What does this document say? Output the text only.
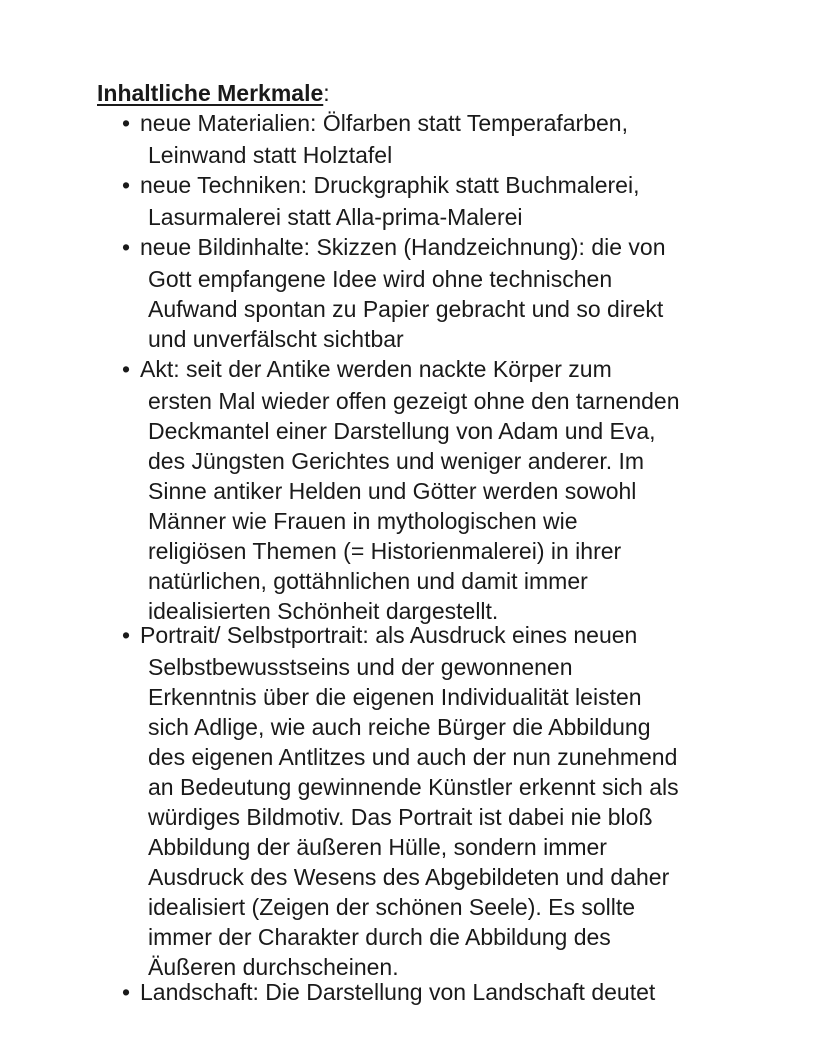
Inhaltliche Merkmale:
• neue Materialien: Ölfarben statt Temperafarben,
Leinwand statt Holztafel
• neue Techniken: Druckgraphik statt Buchmalerei,
Lasurmalerei statt Alla-prima-Malerei
• neue Bildinhalte: Skizzen (Handzeichnung): die von
Gott empfangene Idee wird ohne technischen
Aufwand spontan zu Papier gebracht und so direkt
und unverfälscht sichtbar
• Akt: seit der Antike werden nackte Körper zum
ersten Mal wieder offen gezeigt ohne den tarnenden
Deckmantel einer Darstellung von Adam und Eva,
des Jüngsten Gerichtes und weniger anderer. Im
Sinne antiker Helden und Götter werden sowohl
Männer wie Frauen in mythologischen wie
religiösen Themen (= Historienmalerei) in ihrer
natürlichen, gottähnlichen und damit immer
idealisierten Schönheit dargestellt.
• Portrait/ Selbstportrait: als Ausdruck eines neuen
Selbstbewusstseins und der gewonnenen
Erkenntnis über die eigenen Individualität leisten
sich Adlige, wie auch reiche Bürger die Abbildung
des eigenen Antlitzes und auch der nun zunehmend
an Bedeutung gewinnende Künstler erkennt sich als
würdiges Bildmotiv. Das Portrait ist dabei nie bloß
Abbildung der äußeren Hülle, sondern immer
Ausdruck des Wesens des Abgebildeten und daher
idealisiert (Zeigen der schönen Seele). Es sollte
immer der Charakter durch die Abbildung des
Äußeren durchscheinen.
• Landschaft: Die Darstellung von Landschaft deutet
